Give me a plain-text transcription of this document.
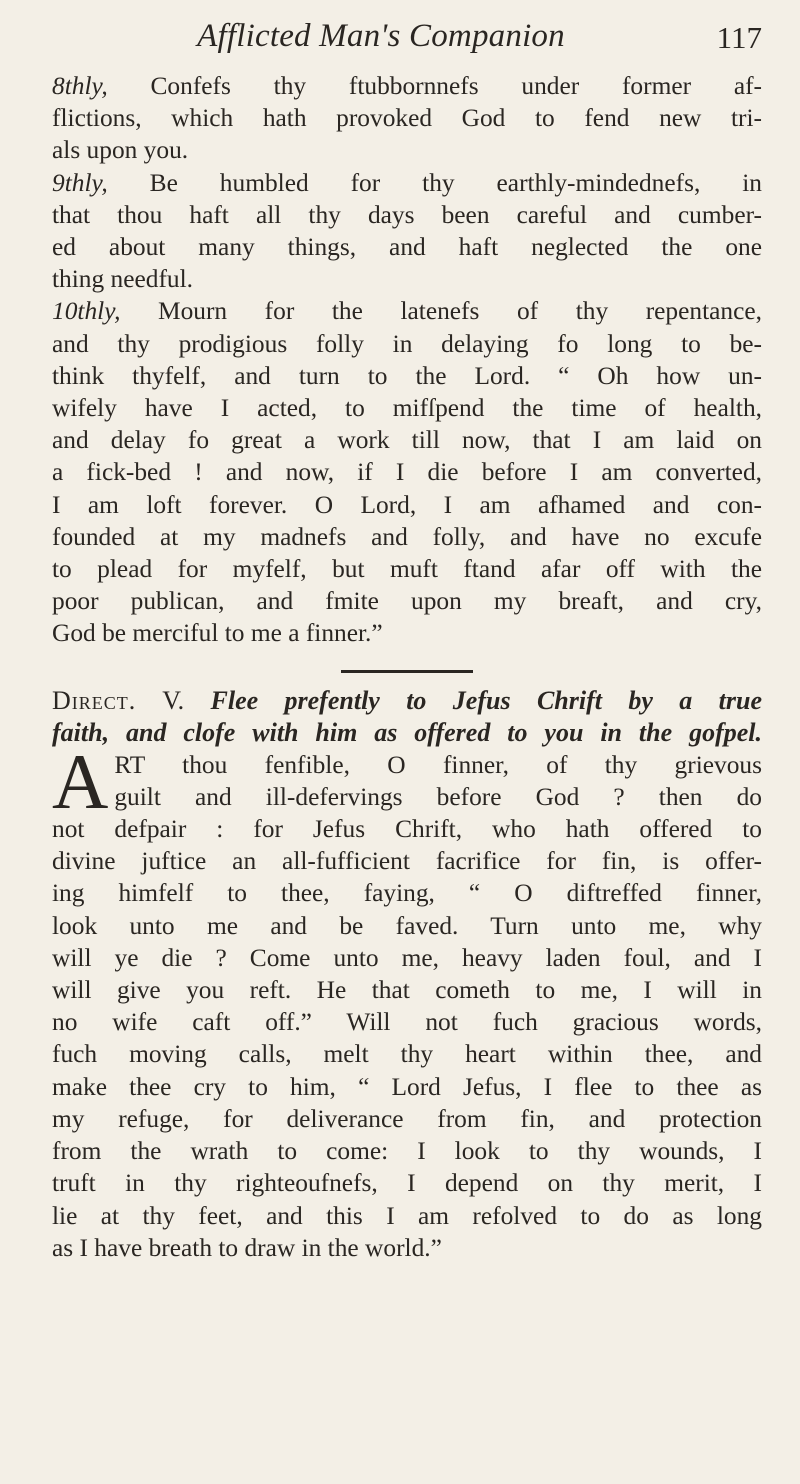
Afflicted Man's Companion	117

8thly, Confefs thy ftubbornnefs under former af-
flictions, which hath provoked God to fend new tri-
als upon you.

9thly, Be humbled for thy earthly-mindednefs, in
that thou haft all thy days been careful and cumber-
ed about many things, and haft neglected the one
thing needful.

10thly, Mourn for the latenefs of thy repentance,
and thy prodigious folly in delaying fo long to be-
think thyfelf, and turn to the Lord. “ Oh how un-
wifely have I acted, to mifſpend the time of health,
and delay fo great a work till now, that I am laid on
a fick-bed ! and now, if I die before I am converted,
I am loft forever. O Lord, I am afhamed and con-
founded at my madnefs and folly, and have no excufe
to plead for myfelf, but muft ftand afar off with the
poor publican, and fmite upon my breaft, and cry,
God be merciful to me a finner.”

Direct. V. Flee prefently to Jefus Chrift by a true
faith, and clofe with him as offered to you in the gofpel.

A RT thou fenfible, O finner, of thy grievous
guilt and ill-defervings before God ? then do
not defpair : for Jefus Chrift, who hath offered to
divine juftice an all-fufficient facrifice for fin, is offer-
ing himfelf to thee, faying, “ O diftreffed finner,
look unto me and be faved. Turn unto me, why
will ye die ? Come unto me, heavy laden foul, and I
will give you reft. He that cometh to me, I will in
no wife caft off.” Will not fuch gracious words,
fuch moving calls, melt thy heart within thee, and
make thee cry to him, “ Lord Jefus, I flee to thee as
my refuge, for deliverance from fin, and protection
from the wrath to come: I look to thy wounds, I
truft in thy righteoufnefs, I depend on thy merit, I
lie at thy feet, and this I am refolved to do as long
as I have breath to draw in the world.”
